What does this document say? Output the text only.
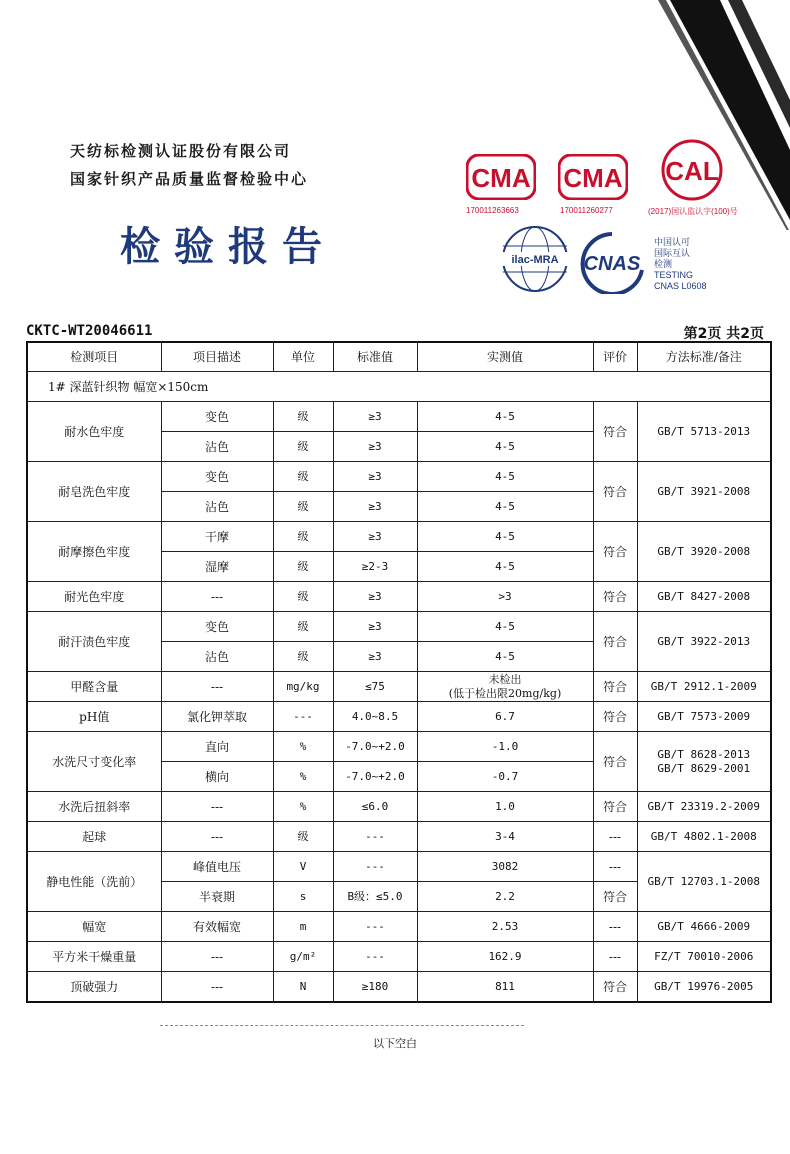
天纺标检测认证股份有限公司
国家针织产品质量监督检验中心
检验报告
CMA
170011263663
CMA
170011260277
CAL
(2017)国认监认字(100)号
ilac-MRA CNAS
中国认可
国际互认
检测
TESTING
CNAS L0608
CKTC-WT20046611	第2页 共2页
检测项目	项目描述	单位	标准值	实测值	评价	方法标准/备注
1# 深蓝针织物 幅宽×150cm						
耐水色牢度	变色	级	≥3	4-5	符合	GB/T 5713-2013

	沾色	级	≥3	4-5		

耐皂洗色牢度	变色	级	≥3	4-5	符合	GB/T 3921-2008

	沾色	级	≥3	4-5		

耐摩擦色牢度	干摩	级	≥3	4-5	符合	GB/T 3920-2008

	湿摩	级	≥2-3	4-5		

耐光色牢度	---	级	≥3	>3	符合	GB/T 8427-2008

耐汗渍色牢度	变色	级	≥3	4-5	符合	GB/T 3922-2013

	沾色	级	≥3	4-5		

甲醛含量	---	mg/kg	≤75	未检出
(低于检出限20mg/kg)	符合	GB/T 2912.1-2009

pH值	氯化钾萃取	---	4.0~8.5	6.7	符合	GB/T 7573-2009

水洗尺寸变化率	直向	%	-7.0~+2.0	-1.0	符合	GB/T 8628-2013
GB/T 8629-2001

	横向	%	-7.0~+2.0	-0.7		

水洗后扭斜率	---	%	≤6.0	1.0	符合	GB/T 23319.2-2009

起球	---	级	---	3-4	---	GB/T 4802.1-2008

静电性能（洗前）	峰值电压	V	---	3082	---	GB/T 12703.1-2008

	半衰期	s	B级：≤5.0	2.2	符合	
幅宽	有效幅宽	m	---	2.53	---	GB/T 4666-2009

平方米干燥重量	---	g/m²	---	162.9	---	FZ/T 70010-2006

顶破强力	---	N	≥180	811	符合	GB/T 19976-2005
以下空白
